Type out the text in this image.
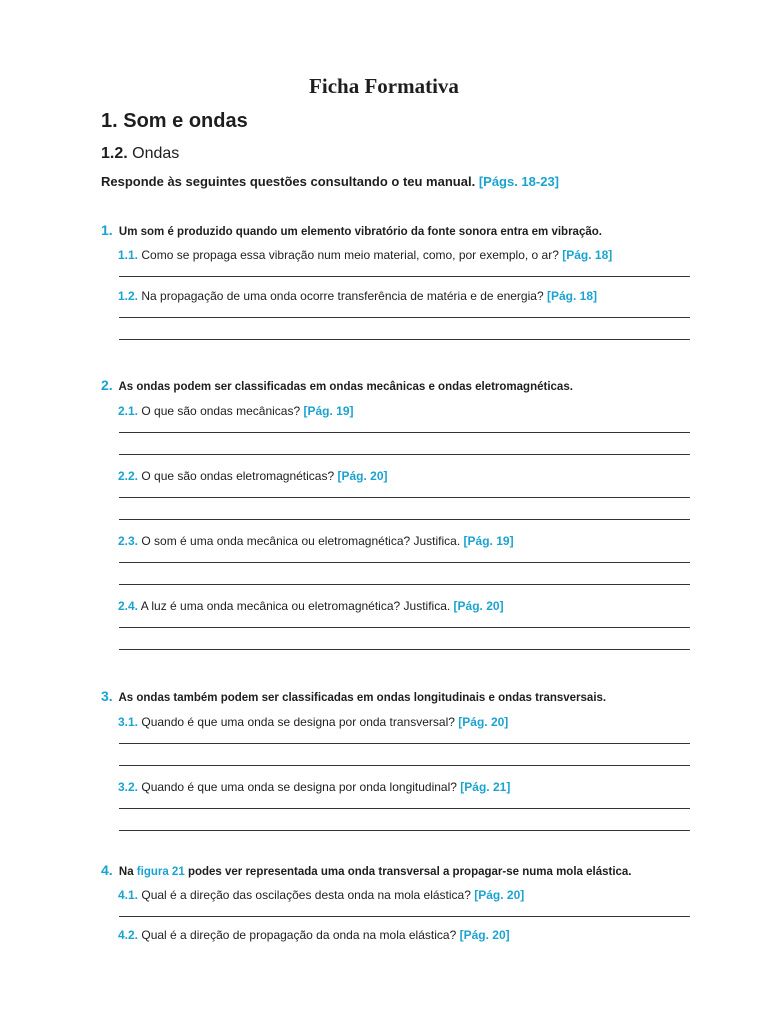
Ficha Formativa
1. Som e ondas
1.2. Ondas
Responde às seguintes questões consultando o teu manual. [Págs. 18-23]
1. Um som é produzido quando um elemento vibratório da fonte sonora entra em vibração.
1.1. Como se propaga essa vibração num meio material, como, por exemplo, o ar? [Pág. 18]
1.2. Na propagação de uma onda ocorre transferência de matéria e de energia? [Pág. 18]
2. As ondas podem ser classificadas em ondas mecânicas e ondas eletromagnéticas.
2.1. O que são ondas mecânicas? [Pág. 19]
2.2. O que são ondas eletromagnéticas? [Pág. 20]
2.3. O som é uma onda mecânica ou eletromagnética? Justifica. [Pág. 19]
2.4. A luz é uma onda mecânica ou eletromagnética? Justifica. [Pág. 20]
3. As ondas também podem ser classificadas em ondas longitudinais e ondas transversais.
3.1. Quando é que uma onda se designa por onda transversal? [Pág. 20]
3.2. Quando é que uma onda se designa por onda longitudinal? [Pág. 21]
4. Na figura 21 podes ver representada uma onda transversal a propagar-se numa mola elástica.
4.1. Qual é a direção das oscilações desta onda na mola elástica? [Pág. 20]
4.2. Qual é a direção de propagação da onda na mola elástica? [Pág. 20]
